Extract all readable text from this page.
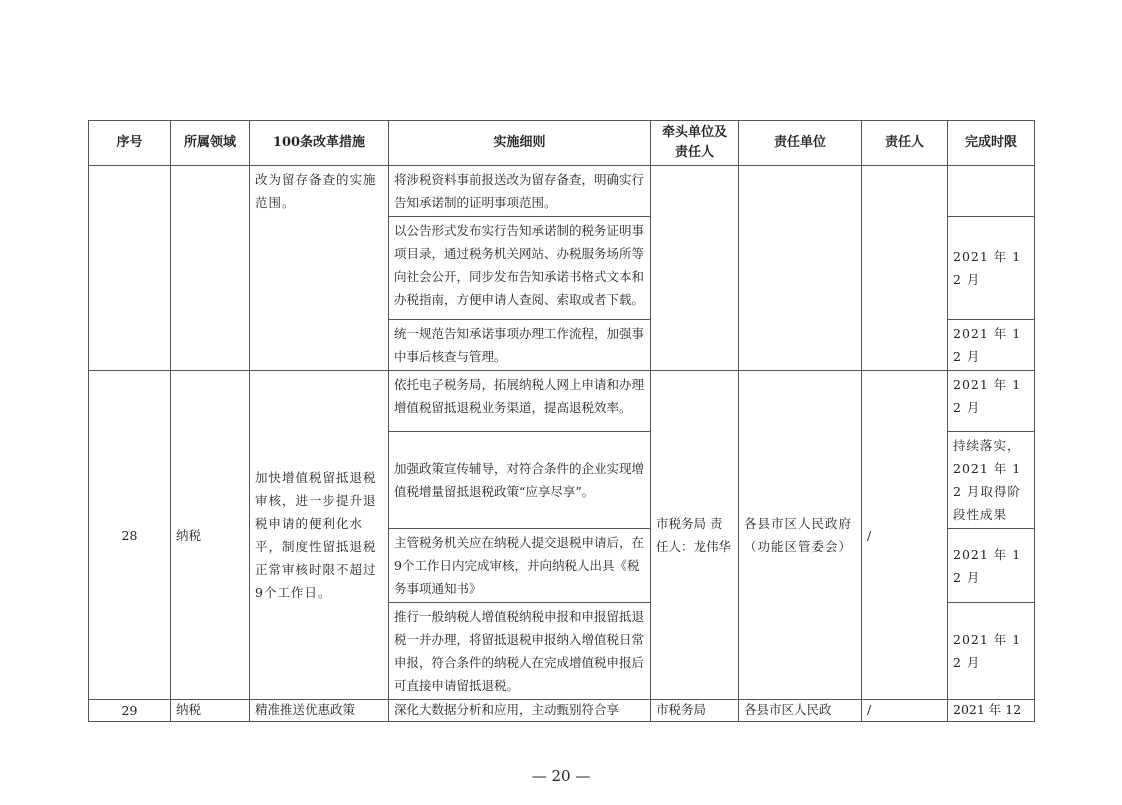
序号	所属领域	100条改革措施	实施细则	牵头单位及责任人	责任单位	责任人	完成时限
		改为留存备查的实施范围。	将涉税资料事前报送改为留存备查，明确实行告知承诺制的证明事项范围。				
			以公告形式发布实行告知承诺制的税务证明事项目录，通过税务机关网站、办税服务场所等向社会公开，同步发布告知承诺书格式文本和办税指南，方便申请人查阅、索取或者下载。				2021 年 12 月
			统一规范告知承诺事项办理工作流程，加强事中事后核查与管理。				2021 年 12 月
28	纳税	加快增值税留抵退税审核，进一步提升退税申请的便利化水平，制度性留抵退税正常审核时限不超过9个工作日。	依托电子税务局，拓展纳税人网上申请和办理增值税留抵退税业务渠道，提高退税效率。	市税务局 责任人：龙伟华	各县市区人民政府（功能区管委会）	/	2021 年 12 月
			加强政策宣传辅导，对符合条件的企业实现增值税增量留抵退税政策“应享尽享”。				持续落实，2021 年 12 月取得阶段性成果
			主管税务机关应在纳税人提交退税申请后，在9个工作日内完成审核，并向纳税人出具《税务事项通知书》				2021 年 12 月
			推行一般纳税人增值税纳税申报和申报留抵退税一并办理，将留抵退税申报纳入增值税日常申报，符合条件的纳税人在完成增值税申报后可直接申请留抵退税。				2021 年 12 月
29	纳税	精准推送优惠政策	深化大数据分析和应用，主动甄别符合享	市税务局	各县市区人民政	/	2021 年 12
— 20 —
